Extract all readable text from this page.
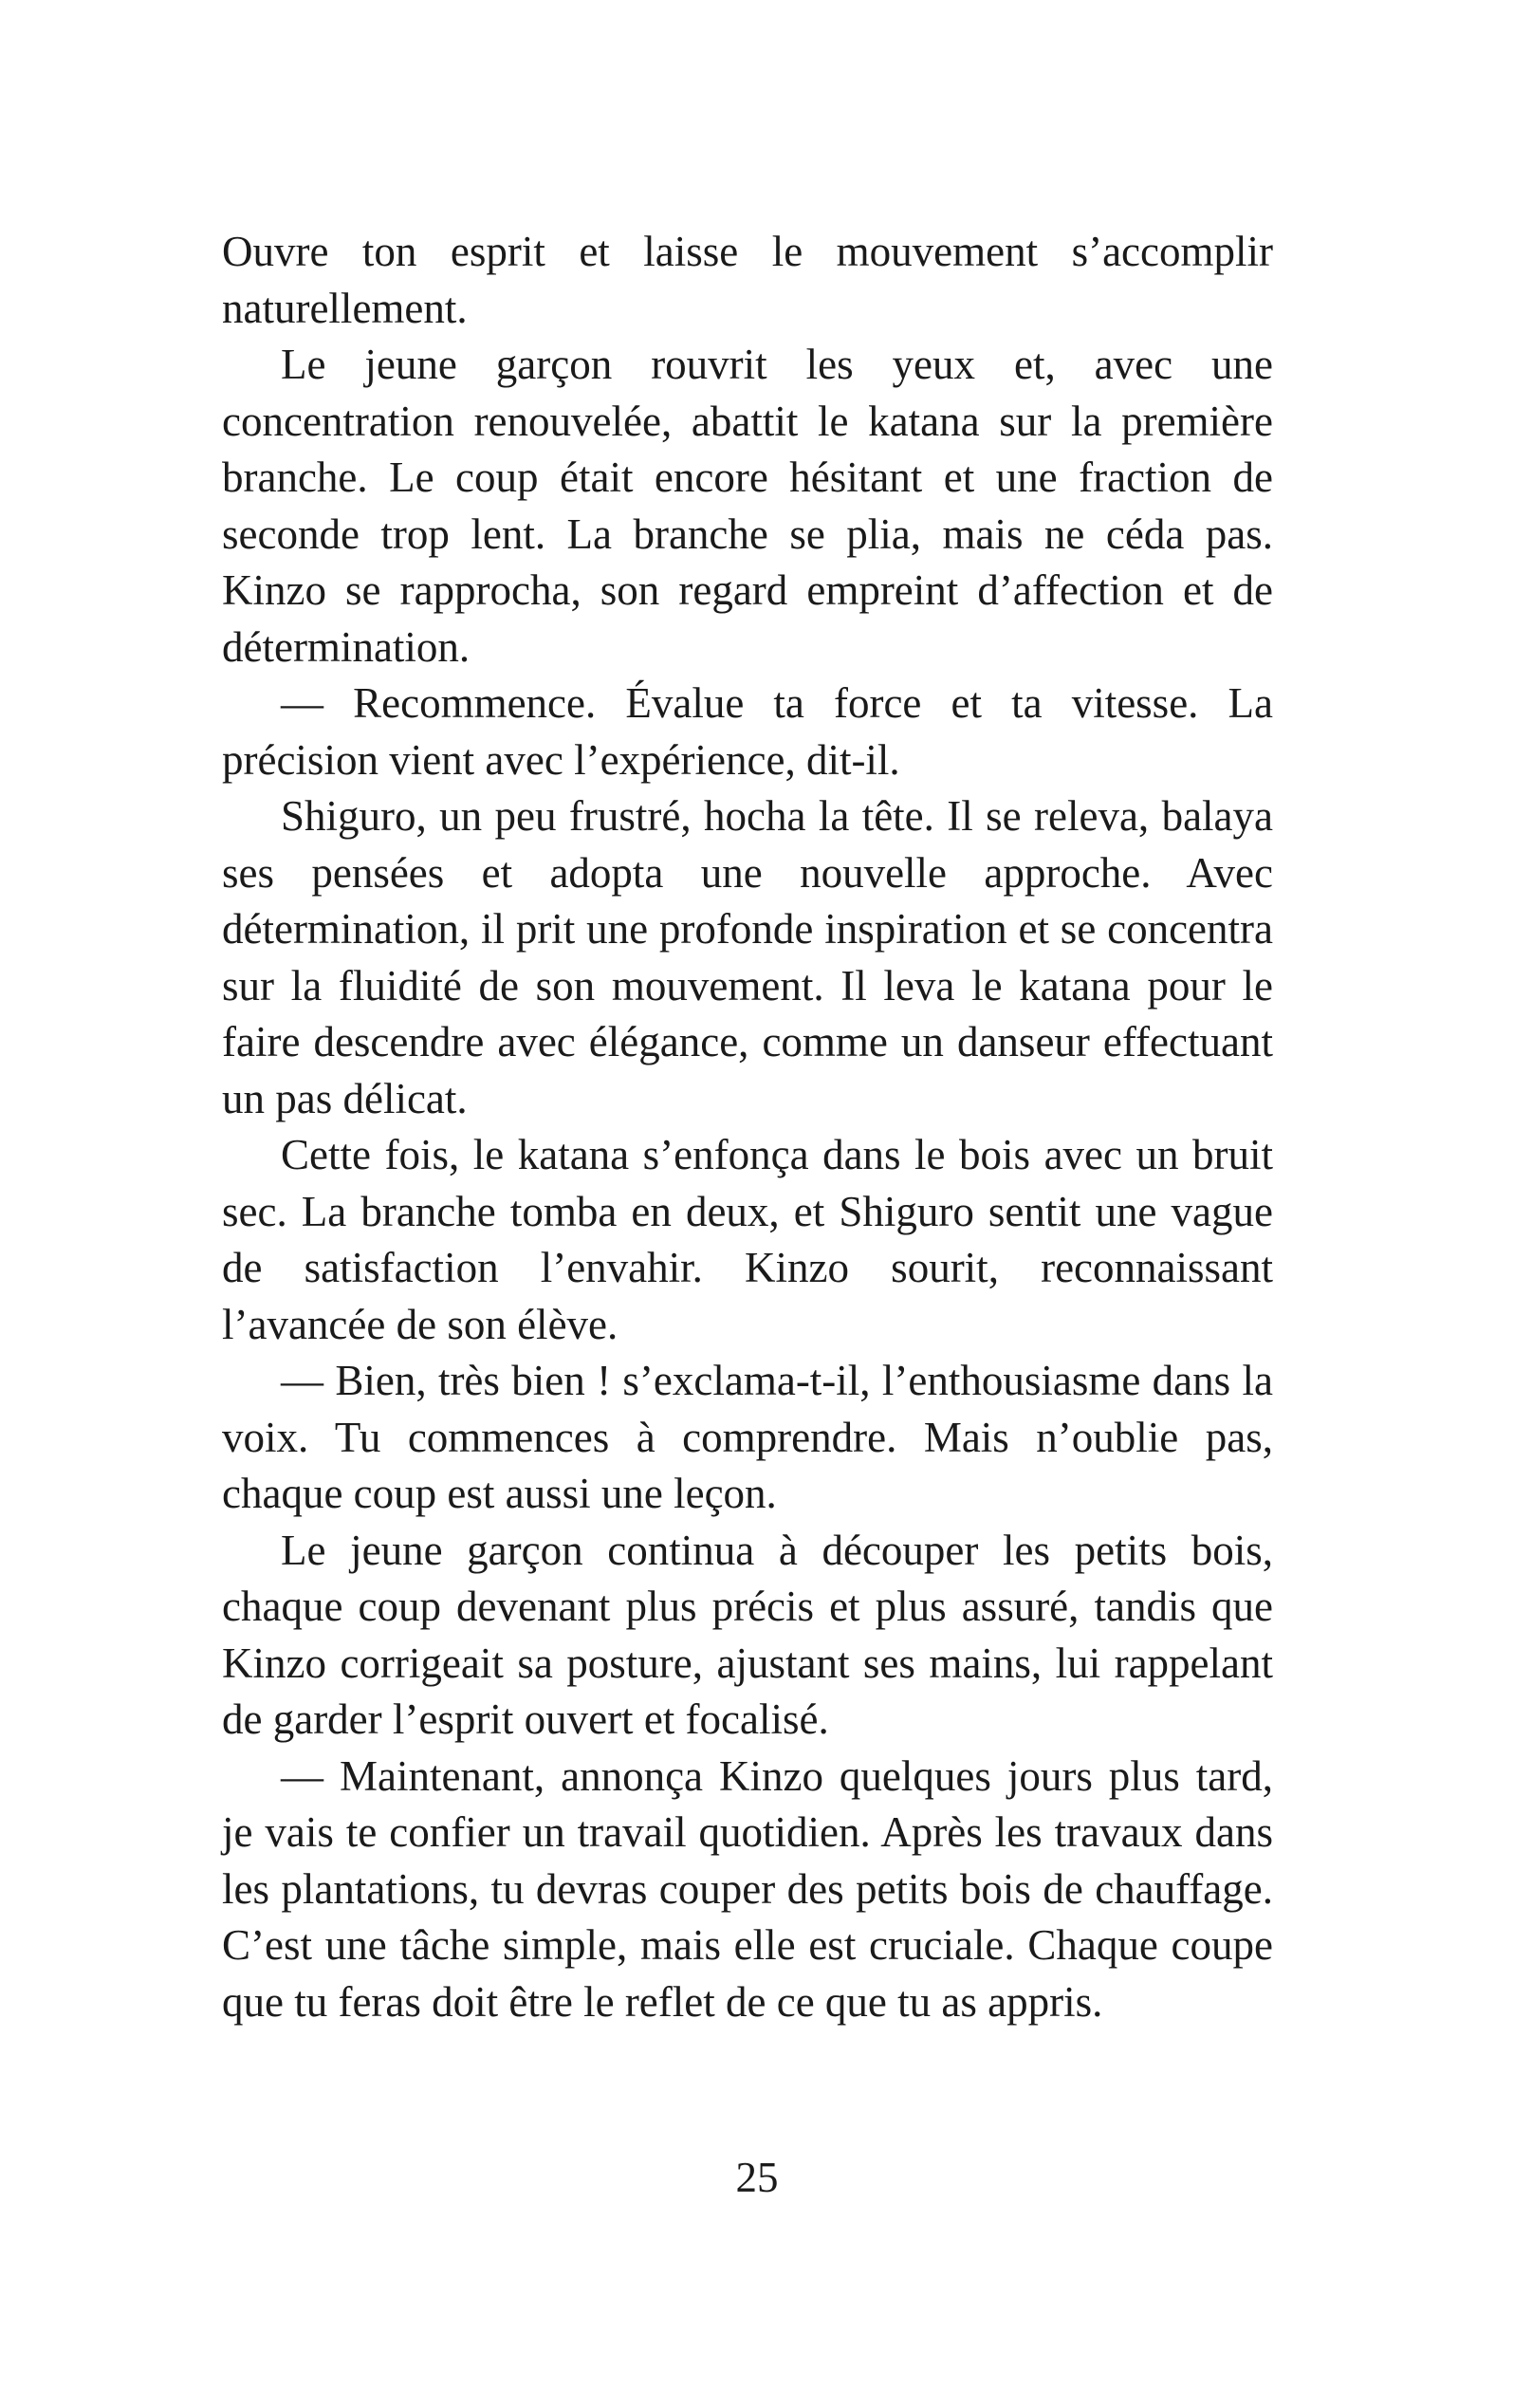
Ouvre ton esprit et laisse le mouvement s’accomplir naturellement.

Le jeune garçon rouvrit les yeux et, avec une concentration renouvelée, abattit le katana sur la première branche. Le coup était encore hésitant et une fraction de seconde trop lent. La branche se plia, mais ne céda pas. Kinzo se rapprocha, son regard empreint d’affection et de détermination.

— Recommence. Évalue ta force et ta vitesse. La précision vient avec l’expérience, dit-il.

Shiguro, un peu frustré, hocha la tête. Il se releva, balaya ses pensées et adopta une nouvelle approche. Avec détermination, il prit une profonde inspiration et se concentra sur la fluidité de son mouvement. Il leva le katana pour le faire descendre avec élégance, comme un danseur effectuant un pas délicat.

Cette fois, le katana s’enfonça dans le bois avec un bruit sec. La branche tomba en deux, et Shiguro sentit une vague de satisfaction l’envahir. Kinzo sourit, reconnaissant l’avancée de son élève.

— Bien, très bien ! s’exclama-t-il, l’enthousiasme dans la voix. Tu commences à comprendre. Mais n’oublie pas, chaque coup est aussi une leçon.

Le jeune garçon continua à découper les petits bois, chaque coup devenant plus précis et plus assuré, tandis que Kinzo corrigeait sa posture, ajustant ses mains, lui rappelant de garder l’esprit ouvert et focalisé.

— Maintenant, annonça Kinzo quelques jours plus tard, je vais te confier un travail quotidien. Après les travaux dans les plantations, tu devras couper des petits bois de chauffage. C’est une tâche simple, mais elle est cruciale. Chaque coupe que tu feras doit être le reflet de ce que tu as appris.

25
